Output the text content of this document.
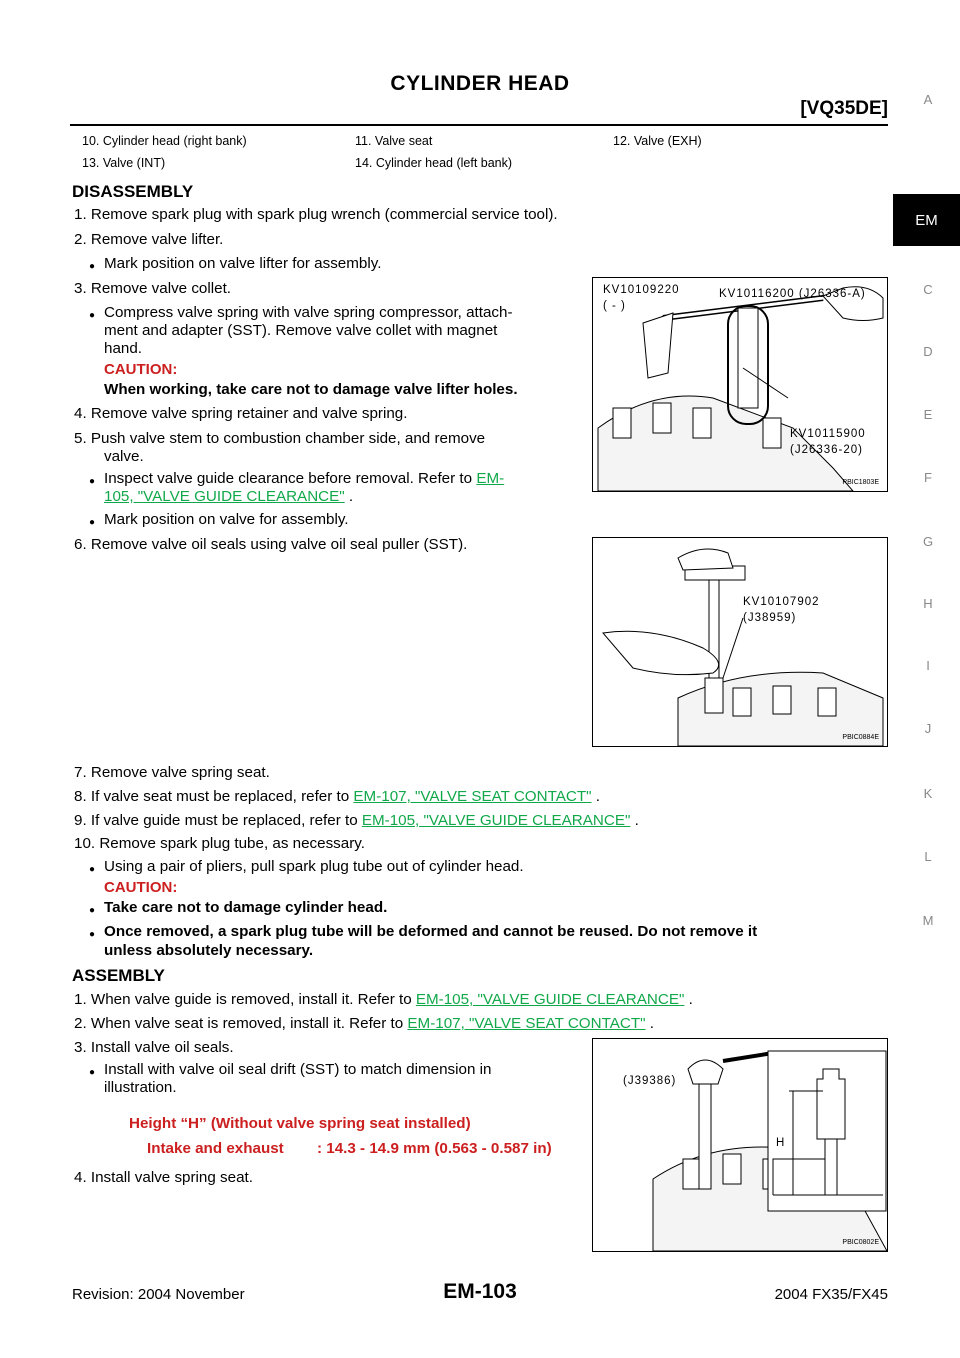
CYLINDER HEAD
[VQ35DE]
10. Cylinder head (right bank)	11. Valve seat	12. Valve (EXH)
13. Valve (INT)	14. Cylinder head (left bank)
A
EM
C
D
E
F
G
H
I
J
K
L
M
DISASSEMBLY
1. Remove spark plug with spark plug wrench (commercial service tool).
2. Remove valve lifter.
● Mark position on valve lifter for assembly.
3. Remove valve collet.
● Compress valve spring with valve spring compressor, attach-
ment and adapter (SST). Remove valve collet with magnet
hand.
CAUTION:
When working, take care not to damage valve lifter holes.
4. Remove valve spring retainer and valve spring.
5. Push valve stem to combustion chamber side, and remove
valve.
● Inspect valve guide clearance before removal. Refer to EM-
105, "VALVE GUIDE CLEARANCE" .
● Mark position on valve for assembly.
6. Remove valve oil seals using valve oil seal puller (SST).
KV10109220
( - )
KV10116200 (J26336-A)
KV10115900
(J26336-20)
PBIC1803E
KV10107902
(J38959)
PBIC0884E
7. Remove valve spring seat.
8. If valve seat must be replaced, refer to EM-107, "VALVE SEAT CONTACT" .
9. If valve guide must be replaced, refer to EM-105, "VALVE GUIDE CLEARANCE" .
10. Remove spark plug tube, as necessary.
● Using a pair of pliers, pull spark plug tube out of cylinder head.
CAUTION:
● Take care not to damage cylinder head.
● Once removed, a spark plug tube will be deformed and cannot be reused. Do not remove it
unless absolutely necessary.
ASSEMBLY
1. When valve guide is removed, install it. Refer to EM-105, "VALVE GUIDE CLEARANCE" .
2. When valve seat is removed, install it. Refer to EM-107, "VALVE SEAT CONTACT" .
3. Install valve oil seals.
● Install with valve oil seal drift (SST) to match dimension in
illustration.
Height “H” (Without valve spring seat installed)
Intake and exhaust : 14.3 - 14.9 mm (0.563 - 0.587 in)
4. Install valve spring seat.
(J39386)
H
PBIC0802E
EM-103
Revision: 2004 November	2004 FX35/FX45
